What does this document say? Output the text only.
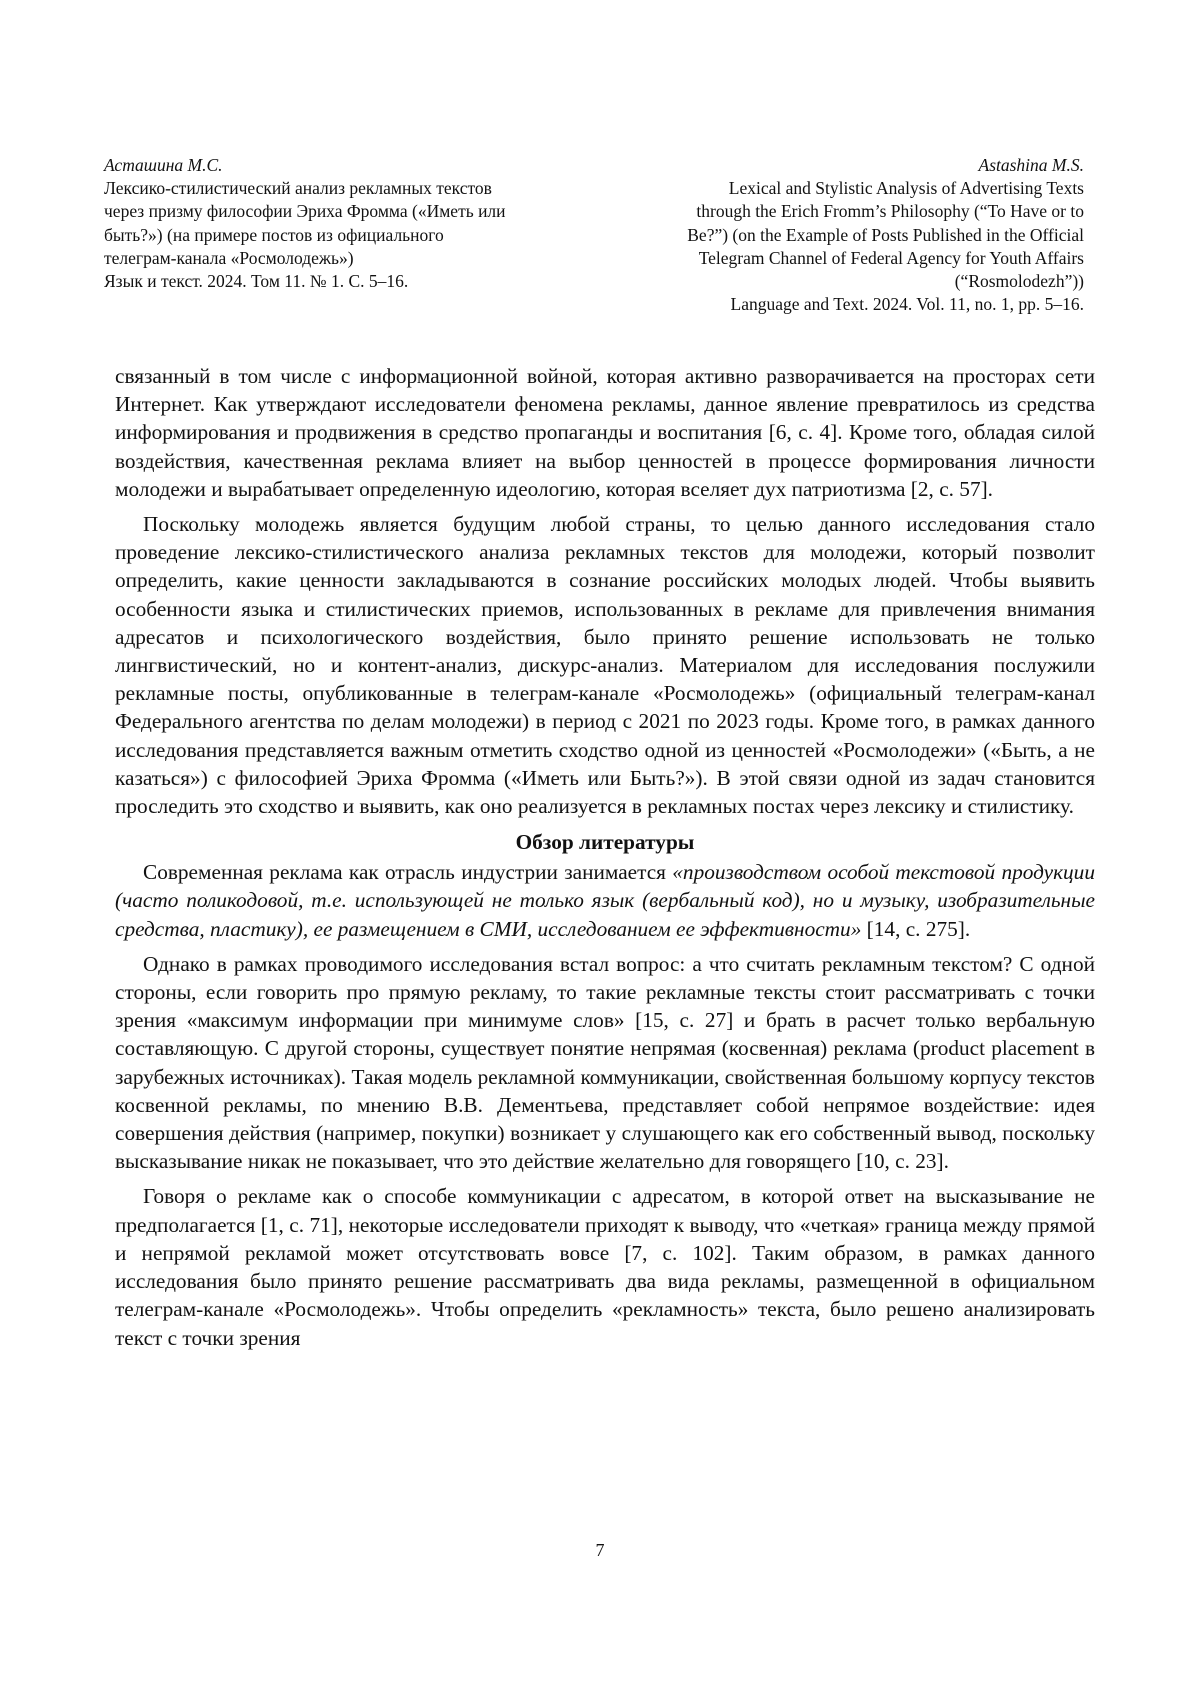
Асташина М.С.
Лексико-стилистический анализ рекламных текстов
через призму философии Эриха Фромма («Иметь или
быть?») (на примере постов из официального
телеграм-канала «Росмолодежь»)
Язык и текст. 2024. Том 11. № 1. С. 5–16.
Astashina M.S.
Lexical and Stylistic Analysis of Advertising Texts
through the Erich Fromm’s Philosophy (“To Have or to
Be?”) (on the Example of Posts Published in the Official
Telegram Channel of Federal Agency for Youth Affairs
(“Rosmolodezh”))
Language and Text. 2024. Vol. 11, no. 1, pp. 5–16.

связанный в том числе с информационной войной, которая активно разворачивается на просторах сети Интернет. Как утверждают исследователи феномена рекламы, данное явление превратилось из средства информирования и продвижения в средство пропаганды и воспитания [6, с. 4]. Кроме того, обладая силой воздействия, качественная реклама влияет на выбор ценностей в процессе формирования личности молодежи и вырабатывает определенную идеологию, которая вселяет дух патриотизма [2, с. 57].

Поскольку молодежь является будущим любой страны, то целью данного исследования стало проведение лексико-стилистического анализа рекламных текстов для молодежи, который позволит определить, какие ценности закладываются в сознание российских молодых людей. Чтобы выявить особенности языка и стилистических приемов, использованных в рекламе для привлечения внимания адресатов и психологического воздействия, было принято решение использовать не только лингвистический, но и контент-анализ, дискурс-анализ. Материалом для исследования послужили рекламные посты, опубликованные в телеграм-канале «Росмолодежь» (официальный телеграм-канал Федерального агентства по делам молодежи) в период с 2021 по 2023 годы. Кроме того, в рамках данного исследования представляется важным отметить сходство одной из ценностей «Росмолодежи» («Быть, а не казаться») с философией Эриха Фромма («Иметь или Быть?»). В этой связи одной из задач становится проследить это сходство и выявить, как оно реализуется в рекламных постах через лексику и стилистику.

Обзор литературы

Современная реклама как отрасль индустрии занимается «производством особой текстовой продукции (часто поликодовой, т.е. использующей не только язык (вербальный код), но и музыку, изобразительные средства, пластику), ее размещением в СМИ, исследованием ее эффективности» [14, с. 275].

Однако в рамках проводимого исследования встал вопрос: а что считать рекламным текстом? С одной стороны, если говорить про прямую рекламу, то такие рекламные тексты стоит рассматривать с точки зрения «максимум информации при минимуме слов» [15, с. 27] и брать в расчет только вербальную составляющую. С другой стороны, существует понятие непрямая (косвенная) реклама (product placement в зарубежных источниках). Такая модель рекламной коммуникации, свойственная большому корпусу текстов косвенной рекламы, по мнению В.В. Дементьева, представляет собой непрямое воздействие: идея совершения действия (например, покупки) возникает у слушающего как его собственный вывод, поскольку высказывание никак не показывает, что это действие желательно для говорящего [10, с. 23].

Говоря о рекламе как о способе коммуникации с адресатом, в которой ответ на высказывание не предполагается [1, с. 71], некоторые исследователи приходят к выводу, что «четкая» граница между прямой и непрямой рекламой может отсутствовать вовсе [7, с. 102]. Таким образом, в рамках данного исследования было принято решение рассматривать два вида рекламы, размещенной в официальном телеграм-канале «Росмолодежь». Чтобы определить «рекламность» текста, было решено анализировать текст с точки зрения

7
